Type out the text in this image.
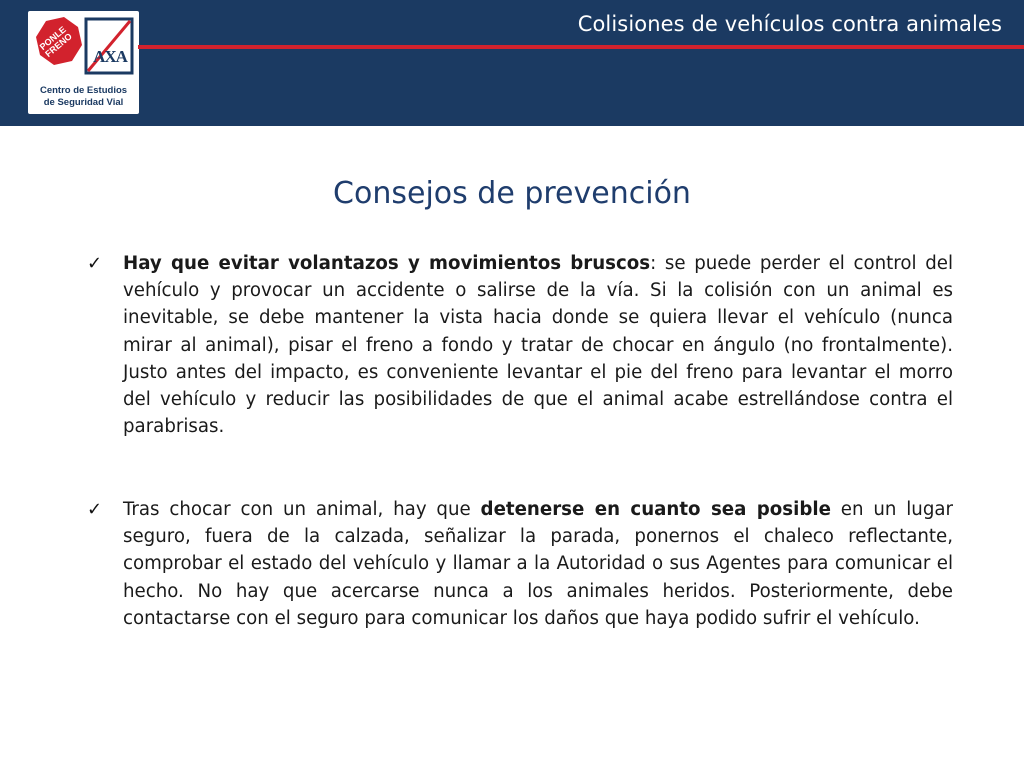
PONLE FRENO AXA
Centro de Estudios
de Seguridad Vial
Colisiones de vehículos contra animales
Consejos de prevención
✓ Hay que evitar volantazos y movimientos bruscos: se puede perder el control del vehículo y provocar un accidente o salirse de la vía. Si la colisión con un animal es inevitable, se debe mantener la vista hacia donde se quiera llevar el vehículo (nunca mirar al animal), pisar el freno a fondo y tratar de chocar en ángulo (no frontalmente). Justo antes del impacto, es conveniente levantar el pie del freno para levantar el morro del vehículo y reducir las posibilidades de que el animal acabe estrellándose contra el parabrisas.
✓ Tras chocar con un animal, hay que detenerse en cuanto sea posible en un lugar seguro, fuera de la calzada, señalizar la parada, ponernos el chaleco reflectante, comprobar el estado del vehículo y llamar a la Autoridad o sus Agentes para comunicar el hecho. No hay que acercarse nunca a los animales heridos. Posteriormente, debe contactarse con el seguro para comunicar los daños que haya podido sufrir el vehículo.
